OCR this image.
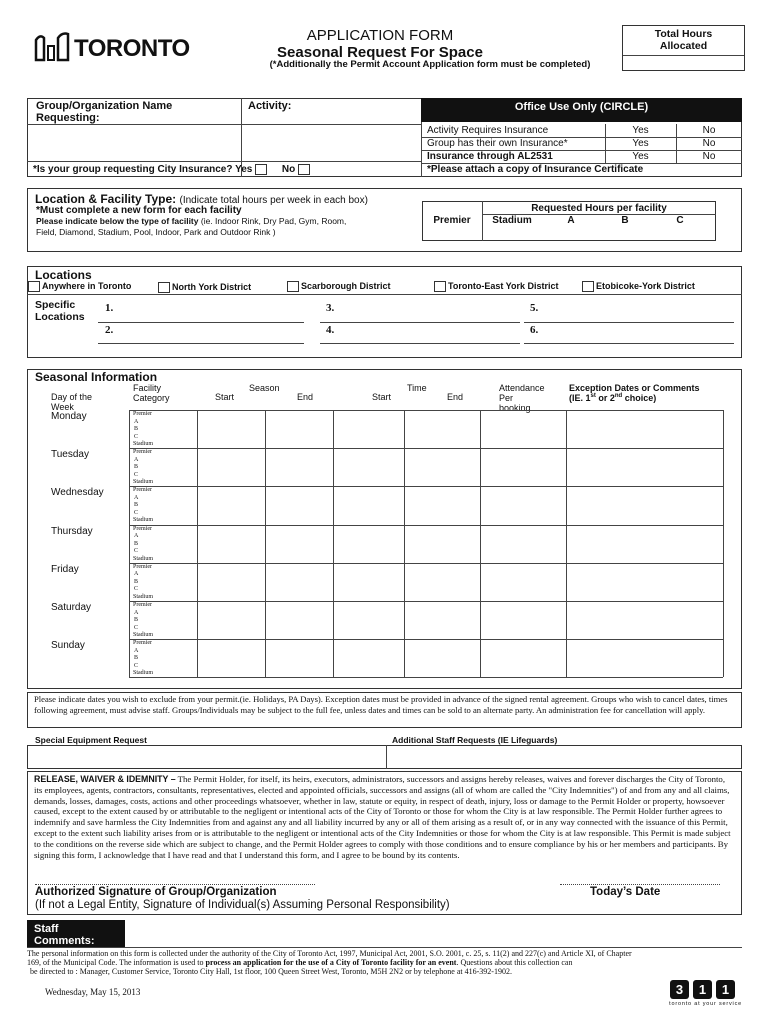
TORONTO	APPLICATION FORM
Seasonal Request For Space
(*Additionally the Permit Account Application form must be completed)
Total Hours
Allocated
Group/Organization Name
Requesting:
Activity:
*Is your group requesting City Insurance? Yes	No
Office Use Only (CIRCLE)
Activity Requires Insurance	Yes	No
Group has their own Insurance*	Yes	No
Insurance through AL2531	Yes	No
*Please attach a copy of Insurance Certificate
Location & Facility Type: (Indicate total hours per week in each box)
*Must complete a new form for each facility
Please indicate below the type of facility (ie. Indoor Rink, Dry Pad, Gym, Room,
Field, Diamond, Stadium, Pool, Indoor, Park and Outdoor Rink )
Requested Hours per facility
Premier	Stadium	A	B	C
Locations
Anywhere in Toronto	North York District	Scarborough District	Toronto-East York District	Etobicoke-York District
Specific
Locations
1.
2.
3.
4.
5.
6.
Seasonal Information
Day of the
Week
Facility
Category
Season
Start	End
Time
Start	End
Attendance
Per
booking
Exception Dates or Comments
(IE. 1st or 2nd choice)
Monday	Premier
A
B
C
Stadium
Tuesday	Premier
A
B
C
Stadium
Wednesday	Premier
A
B
C
Stadium
Thursday	Premier
A
B
C
Stadium
Friday	Premier
A
B
C
Stadium
Saturday	Premier
A
B
C
Stadium
Sunday	Premier
A
B
C
Stadium
Please indicate dates you wish to exclude from your permit.(ie. Holidays, PA Days). Exception dates must be provided in advance of the signed rental agreement. Groups who wish to cancel dates, times following agreement, must advise staff. Groups/Individuals may be subject to the full fee, unless dates and times can be sold to an alternate party. An administration fee for cancellation will apply.
Special Equipment Request	Additional Staff Requests (IE Lifeguards)
RELEASE, WAIVER & IDEMNITY – The Permit Holder, for itself, its heirs, executors, administrators, successors and assigns hereby releases, waives and forever discharges the City of Toronto, its employees, agents, contractors, consultants, representatives, elected and appointed officials, successors and assigns (all of whom are called the "City Indemnities") of and from any and all claims, demands, losses, damages, costs, actions and other proceedings whatsoever, whether in law, statute or equity, in respect of death, injury, loss or damage to the Permit Holder or property, howsoever caused, except to the extent caused by or attributable to the negligent or intentional acts of the City of Toronto or those for whom the City is at law responsible. The Permit Holder further agrees to indemnify and save harmless the City Indemnities from and against any and all liability incurred by any or all of them arising as a result of, or in any way connected with the issuance of this Permit, except to the extent such liability arises from or is attributable to the negligent or intentional acts of the City Indemnities or those for whom the City is at law responsible. This Permit is made subject to the conditions on the reverse side which are subject to change, and the Permit Holder agrees to comply with those conditions and to ensure compliance by his or her members and participants. By signing this form, I acknowledge that I have read and that I understand this form, and I agree to be bound by its contents.
Authorized Signature of Group/Organization
(If not a Legal Entity, Signature of Individual(s) Assuming Personal Responsibility)
Today’s Date
Staff
Comments:
The personal information on this form is collected under the authority of the City of Toronto Act, 1997, Municipal Act, 2001, S.O. 2001, c. 25, s. 11(2) and 227(c) and Article XI, of Chapter
169, of the Municipal Code. The information is used to process an application for the use of a City of Toronto facility for an event. Questions about this collection can
be directed to : Manager, Customer Service, Toronto City Hall, 1st floor, 100 Queen Street West, Toronto, M5H 2N2 or by telephone at 416-392-1902.
Wednesday, May 15, 2013	3	1	1
toronto at your service
